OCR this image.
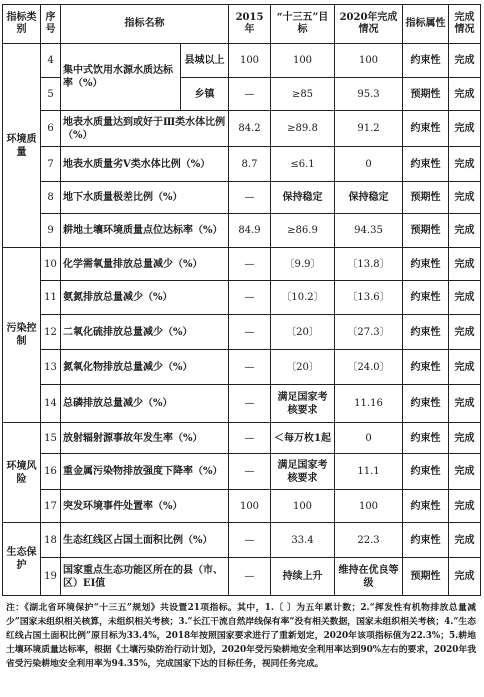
指标类别	序号	指标名称		2015年	“十三五”目标	2020年完成情况	指标属性	完成情况
环境质量	4	集中式饮用水源水质达标率（%）	县城以上	100	100	100	约束性	完成
	5		乡镇	—	≥85	95.3	预期性	完成
	6	地表水质量达到或好于Ⅲ类水体比例（%）		84.2	≥89.8	91.2	约束性	完成
	7	地表水质量劣Ⅴ类水体比例（%）		8.7	≤6.1	0	约束性	完成
	8	地下水质量极差比例（%）		—	保持稳定	保持稳定	预期性	完成
	9	耕地土壤环境质量点位达标率（%）		84.9	≥86.9	94.35	预期性	完成
污染控制	10	化学需氧量排放总量减少（%）		—	〔9.9〕	〔13.8〕	约束性	完成
	11	氨氮排放总量减少（%）		—	〔10.2〕	〔13.6〕	约束性	完成
	12	二氧化硫排放总量减少（%）		—	〔20〕	〔27.3〕	约束性	完成
	13	氮氧化物排放总量减少（%）		—	〔20〕	〔24.0〕	约束性	完成
	14	总磷排放总量减少（%）		—	满足国家考核要求	11.16	约束性	完成
环境风险	15	放射辐射源事故年发生率（%）		—	＜每万枚1起	0	约束性	完成
	16	重金属污染物排放强度下降率（%）		—	满足国家考核要求	11.1	约束性	完成
	17	突发环境事件处置率（%）		100	100	100	约束性	完成
生态保护	18	生态红线区占国土面积比例（%）		—	33.4	22.3	约束性	完成
	19	国家重点生态功能区所在的县（市、区）EI值		—	持续上升	维持在优良等级	预期性	完成
注：《湖北省环境保护“十三五”规划》共设置21项指标。其中，1.〔 〕为五年累计数；2.“挥发性有机物排放总量减少”国家未组织相关核算，未组织相关考核；3.“长江干流自然岸线保有率”没有相关数据，国家未组织相关考核；4.“生态红线占国土面积比例”原目标为33.4%，2018年按照国家要求进行了重新划定，2020年该项指标值为22.3%；5.耕地土壤环境质量达标率，根据《土壤污染防治行动计划》，2020年受污染耕地安全利用率达到90%左右的要求，2020年我省受污染耕地安全利用率为94.35%，完成国家下达的目标任务，视同任务完成。
